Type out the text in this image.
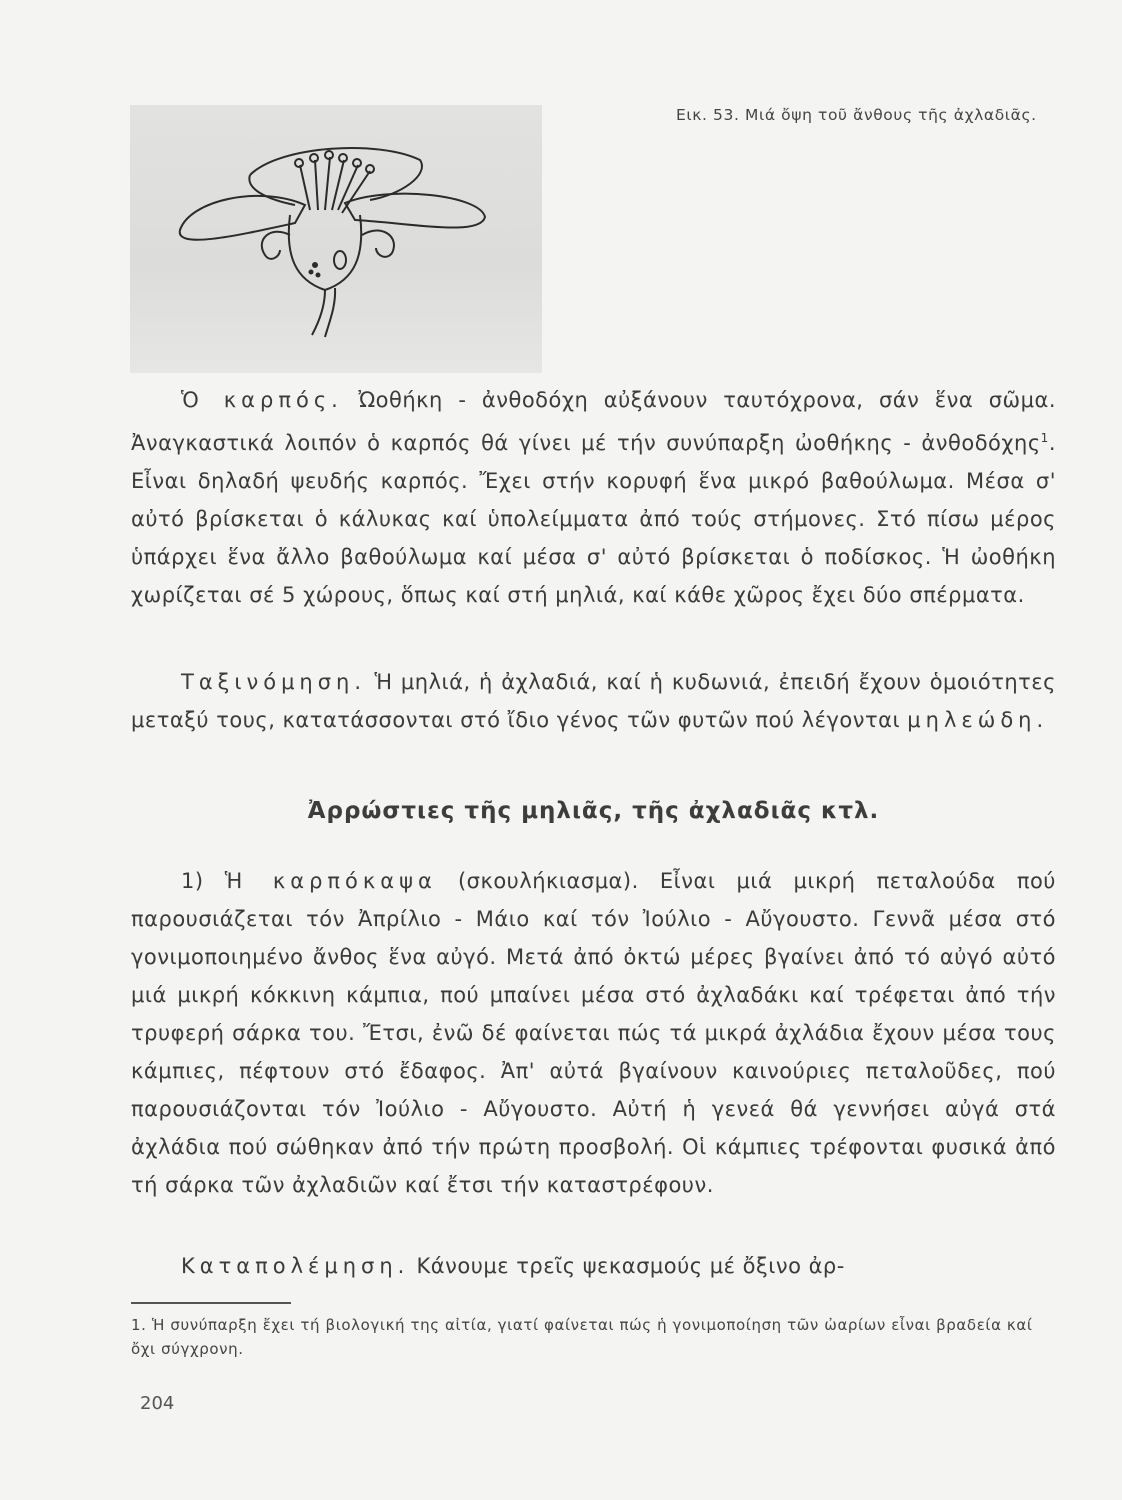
Εικ. 53. Μιά ὄψη τοῦ ἄνθους τῆς ἀχλαδιᾶς.

Ὁ καρπός. Ὠοθήκη - ἀνθοδόχη αὐξάνουν ταυτόχρονα, σάν ἕνα σῶμα. Ἀναγκαστικά λοιπόν ὁ καρπός θά γίνει μέ τήν συνύπαρξη ὠοθήκης - ἀνθοδόχης$^1$. Εἶναι δηλαδή ψευδής καρπός. Ἔχει στήν κορυφή ἕνα μικρό βαθούλωμα. Μέσα σ' αὐτό βρίσκεται ὁ κάλυκας καί ὑπολείμματα ἀπό τούς στήμονες. Στό πίσω μέρος ὑπάρχει ἕνα ἄλλο βαθούλωμα καί μέσα σ' αὐτό βρίσκεται ὁ ποδίσκος. Ἡ ὠοθήκη χωρίζεται σέ 5 χώρους, ὅπως καί στή μηλιά, καί κάθε χῶρος ἔχει δύο σπέρματα.

Ταξινόμηση. Ἡ μηλιά, ἡ ἀχλαδιά, καί ἡ κυδωνιά, ἐπειδή ἔχουν ὁμοιότητες μεταξύ τους, κατατάσσονται στό ἴδιο γένος τῶν φυτῶν πού λέγονται μηλεώδη.

Ἀρρώστιες τῆς μηλιᾶς, τῆς ἀχλαδιᾶς κτλ.

1) Ἡ καρπόκαψα (σκουλήκιασμα). Εἶναι μιά μικρή πεταλούδα πού παρουσιάζεται τόν Ἀπρίλιο - Μάιο καί τόν Ἰούλιο - Αὔγουστο. Γεννᾶ μέσα στό γονιμοποιημένο ἄνθος ἕνα αὐγό. Μετά ἀπό ὀκτώ μέρες βγαίνει ἀπό τό αὐγό αὐτό μιά μικρή κόκκινη κάμπια, πού μπαίνει μέσα στό ἀχλαδάκι καί τρέφεται ἀπό τήν τρυφερή σάρκα του. Ἔτσι, ἐνῶ δέ φαίνεται πώς τά μικρά ἀχλάδια ἔχουν μέσα τους κάμπιες, πέφτουν στό ἔδαφος. Ἀπ' αὐτά βγαίνουν καινούριες πεταλοῦδες, πού παρουσιάζονται τόν Ἰούλιο - Αὔγουστο. Αὐτή ἡ γενεά θά γεννήσει αὐγά στά ἀχλάδια πού σώθηκαν ἀπό τήν πρώτη προσβολή. Οἱ κάμπιες τρέφονται φυσικά ἀπό τή σάρκα τῶν ἀχλαδιῶν καί ἔτσι τήν καταστρέφουν.

Καταπολέμηση. Κάνουμε τρεῖς ψεκασμούς μέ ὄξινο ἀρ-

1. Ἡ συνύπαρξη ἔχει τή βιολογική της αἰτία, γιατί φαίνεται πώς ἡ γονιμοποίηση τῶν ὠαρίων εἶναι βραδεία καί ὄχι σύγχρονη.

204
